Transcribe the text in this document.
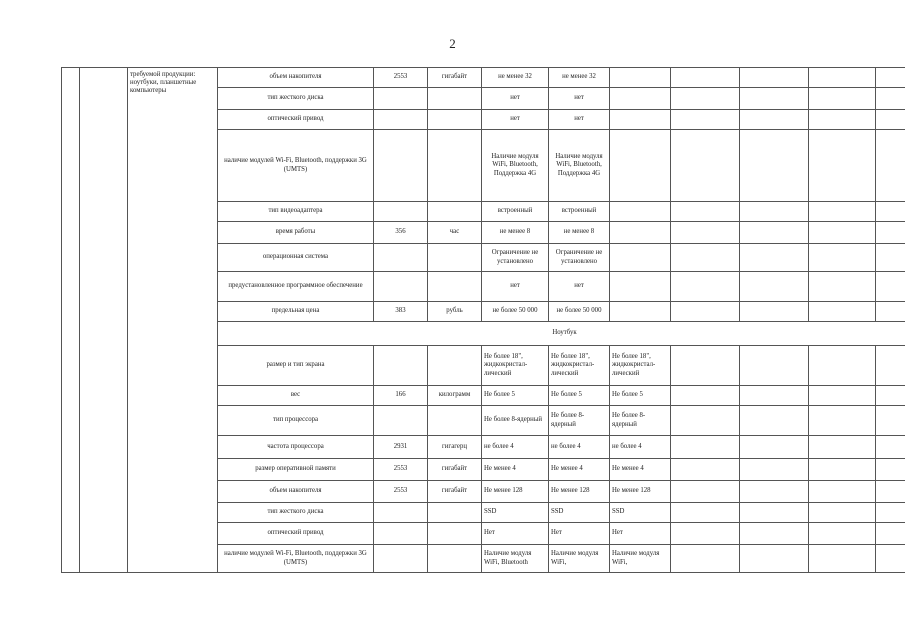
2
		требуемой продукции: ноутбуки, планшетные компьютеры	объем накопителя	2553	гигабайт	не менее 32	не менее 32					
			тип жесткого диска			нет	нет					
			оптический привод			нет	нет					
			наличие модулей Wi-Fi, Bluetooth, поддержки 3G (UMTS)			Наличие модуля WiFi, Bluetooth, Поддержка 4G	Наличие модуля WiFi, Bluetooth, Поддержка 4G					
			тип видеоадаптера			встроенный	встроенный					
			время работы	356	час	не менее 8	не менее 8					
			операционная система			Ограничение не установлено	Ограничение не установлено					
			предустановленное программное обеспечение			нет	нет					
			предельная цена	383	рубль	не более 50 000	не более 50 000					
			Ноутбук									
			размер и тип экрана			Не более 18", жидкокристал-лический	Не более 18", жидкокристал-лический	Не более 18", жидкокристал-лический				
			вес	166	килограмм	Не более 5	Не более 5	Не более 5				
			тип процессора			Не более 8-ядерный	Не более 8-ядерный	Не более 8-ядерный				
			частота процессора	2931	гигагерц	не более 4	не более 4	не более 4				
			размер оперативной памяти	2553	гигабайт	Не менее 4	Не менее 4	Не менее 4				
			объем накопителя	2553	гигабайт	Не менее 128	Не менее 128	Не менее 128				
			тип жесткого диска			SSD	SSD	SSD				
			оптический привод			Нет	Нет	Нет				
			наличие модулей Wi-Fi, Bluetooth, поддержки 3G (UMTS)			Наличие модуля WiFi, Bluetooth	Наличие модуля WiFi,	Наличие модуля WiFi,				
